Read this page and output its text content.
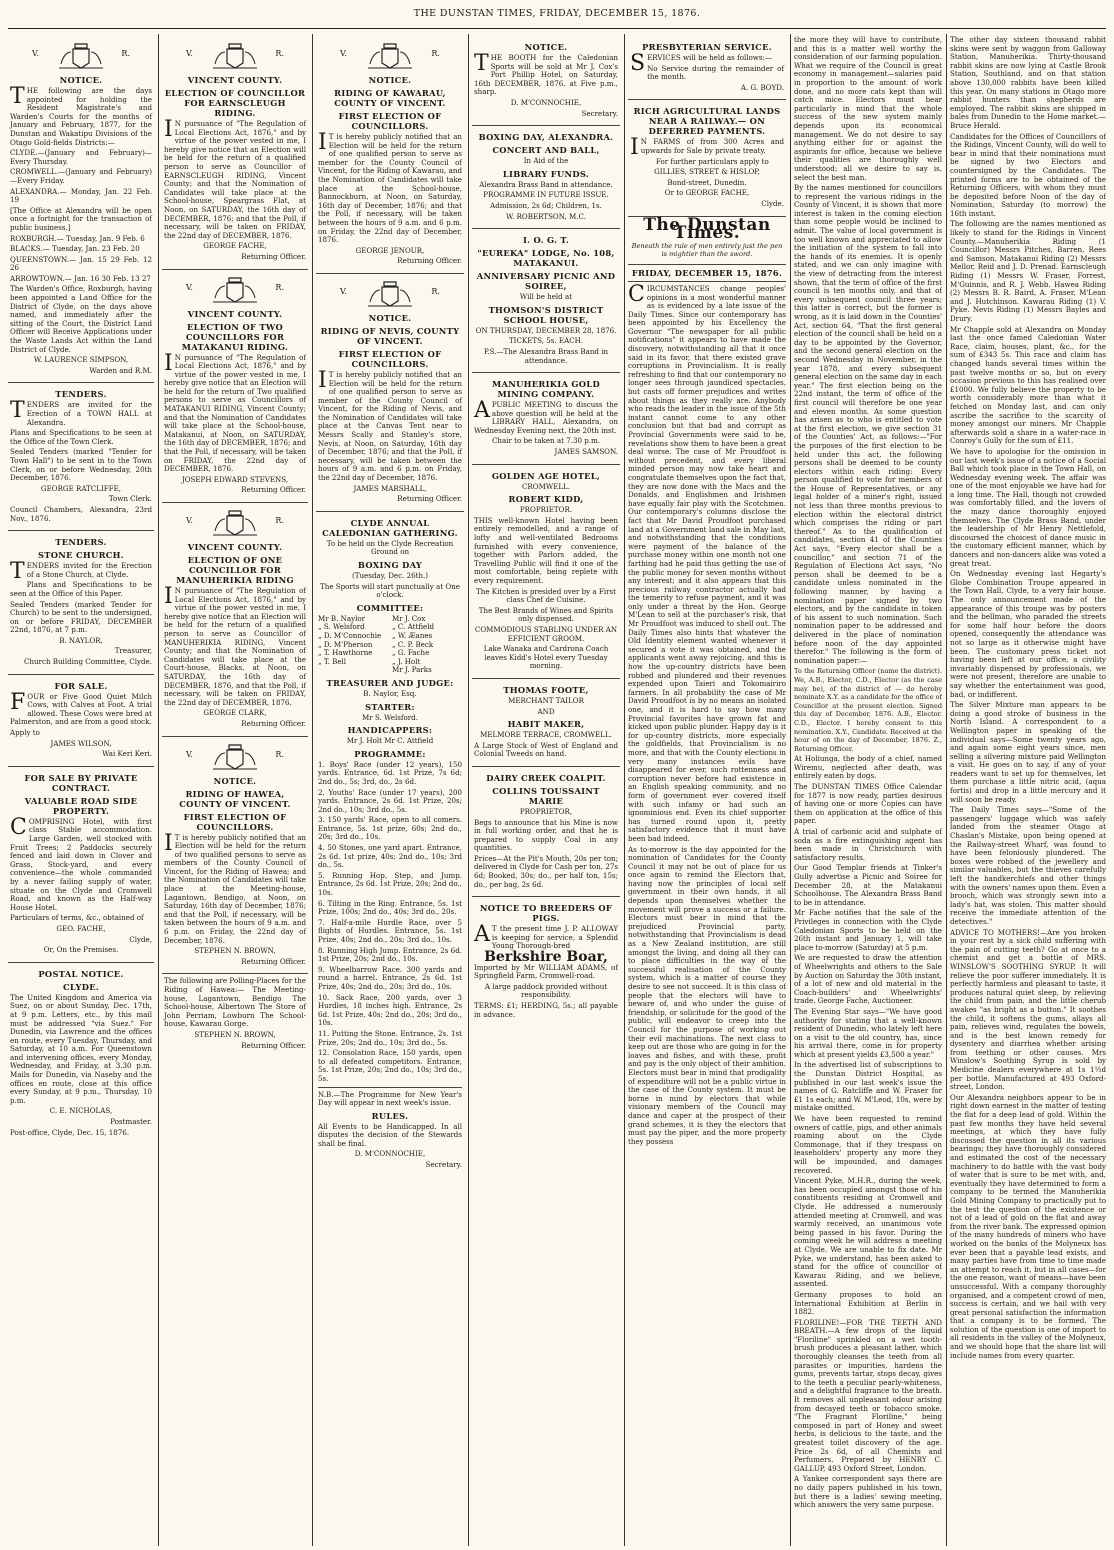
THE DUNSTAN TIMES, FRIDAY, DECEMBER 15, 1876.
V.	R.
NOTICE.

THE following are the days appointed for holding the Resident Magistrate's and Warden's Courts for the months of January and February, 1877, for the Dunstan and Wakatipu Divisions of the Otago Gold-fields Districts:—

CLYDE.—(January and February)—Every Thursday.

CROMWELL.—(January and February)—Every Friday.

ALEXANDRA.— Monday, Jan. 22 Feb. 19

[The Office at Alexandra will be open once a fortnight for the transaction of public business.]

ROXBURGH.— Tuesday, Jan. 9 Feb. 6

BLACKS.— Tuesday, Jan. 23 Feb. 20

QUEENSTOWN.— Jan. 15 29 Feb. 12 26

ARROWTOWN.— Jan. 16 30 Feb. 13 27

The Warden's Office, Roxburgh, having been appointed a Land Office for the District of Clyde, on the days above named, and immediately after the sitting of the Court, the District Land Officer will Receive Applications under the Waste Lands Act within the Land District of Clyde.

W. LAURENCE SIMPSON,

Warden and R.M.

TENDERS.

TENDERS are invited for the Erection of a TOWN HALL at Alexandra.

Plans and Specifications to be seen at the Office of the Town Clerk.

Sealed Tenders (marked "Tender for Town Hall") to be sent in to the Town Clerk, on or before Wednesday, 20th December, 1876.

GEORGE RATCLIFFE,

Town Clerk.

Council Chambers, Alexandra, 23rd Nov., 1876.

TENDERS.
STONE CHURCH.

TENDERS invited for the Erection of a Stone Church, at Clyde.

Plans and Specifications to be seen at the Office of this Paper.

Sealed Tenders (marked Tender for Church) to be sent to the undersigned, on or before FRIDAY, DECEMBER 22nd, 1876, at 7 p.m.

B. NAYLOR,

Treasurer,

Church Building Committee, Clyde.

FOR SALE.

FOUR or Five Good Quiet Milch Cows, with Calves at Foot. A trial allowed. These Cows were bred at Palmerston, and are from a good stock.

Apply to

JAMES WILSON,

Wai Keri Keri.

FOR SALE BY PRIVATE CONTRACT.
VALUABLE ROAD SIDE PROPERTY.

COMPRISING Hotel, with first class Stable accommodation. Large Garden, well stocked with Fruit Trees; 2 Paddocks securely fenced and laid down in Clover and Grass, Stock-yard, and every convenience—the whole commanded by a never failing supply of water, situate on the Clyde and Cromwell Road, and known as the Half-way House Hotel.

Particulars of terms, &c., obtained of

GEO. FACHE,

Clyde,

Or, On the Premises.

POSTAL NOTICE.
CLYDE.

The United Kingdom and America via Suez, on or about Sunday, Dec. 17th, at 9 p.m. Letters, etc., by this mail must be addressed "via Suez." For Dunedin, via Lawrence and the offices en route, every Tuesday, Thursday, and Saturday, at 10 a.m. For Queenstown and intervening offices, every Monday, Wednesday, and Friday, at 3.30 p.m. Mails for Dunedin, via Naseby and the offices en route, close at this office every Sunday, at 9 p.m., Thursday, 10 p.m.

C. E. NICHOLAS,

Postmaster.

Post-office, Clyde, Dec. 15, 1876.

V.	R.
VINCENT COUNTY.
ELECTION OF COUNCILLOR FOR EARNSCLEUGH RIDING.

IN pursuance of "The Regulation of Local Elections Act, 1876," and by virtue of the power vested in me, I hereby give notice that an Election will be held for the return of a qualified person to serve as Councillor of EARNSCLEUGH RIDING, Vincent County; and that the Nomination of Candidates will take place at the School-house, Speargrass Flat, at Noon, on SATURDAY, the 16th day of DECEMBER, 1876; and that the Poll, if necessary, will be taken on FRIDAY, the 22nd day of DECEMBER, 1876.

GEORGE FACHE,

Returning Officer.

V.	R.
VINCENT COUNTY.
ELECTION OF TWO COUNCILLORS FOR MATAKANUI RIDING.

IN pursuance of "The Regulation of Local Elections Act, 1876," and by virtue of the power vested in me, I hereby give notice that an Election will be held for the return of Two qualified persons to serve as Councillors of MATAKANUI RIDING, Vincent County; and that the Nomination of Candidates will take place at the School-house, Matakanui, at Noon, on SATURDAY, the 16th day of DECEMBER, 1876; and that the Poll, if necessary, will be taken on FRIDAY, the 22nd day of DECEMBER, 1876.

JOSEPH EDWARD STEVENS,

Returning Officer.

V.	R.
VINCENT COUNTY.
ELECTION OF ONE COUNCILLOR FOR MANUHERIKIA RIDING

IN pursuance of "The Regulation of Local Elections Act, 1876," and by virtue of the power vested in me, I hereby give notice that an Election will be held for the return of a qualified person to serve as Councillor of MANUHERIKIA RIDING, Vincent County; and that the Nomination of Candidates will take place at the Court-house, Blacks, at Noon, on SATURDAY, the 16th day of DECEMBER, 1876, and that the Poll, if necessary, will be taken on FRIDAY, the 22nd day of DECEMBER, 1876.

GEORGE CLARK,

Returning Officer.

V.	R.
NOTICE.
RIDING OF HAWEA, COUNTY OF VINCENT.
FIRST ELECTION OF COUNCILLORS.

IT is hereby publicly notified that an Election will be held for the return of two qualified persons to serve as members of the County Council of Vincent, for the Riding of Hawea; and the Nomination of Candidates will take place at the Meeting-house, Lagantown, Bendigo, at Noon, on Saturday, 16th day of December, 1876; and that the Poll, if necessary, will be taken between the hours of 9 a.m. and 6 p.m. on Friday, the 22nd day of December, 1876.

STEPHEN N. BROWN,

Returning Officer.

The following are Polling-Places for the Riding of Hawea:— The Meeting-house, Lagantown, Bendigo The School-house, Albertown The Store of John Perriam, Lowburn The School-house, Kawarau Gorge.

STEPHEN N. BROWN,

Returning Officer.

V.	R.
NOTICE.
RIDING OF KAWARAU, COUNTY OF VINCENT.
FIRST ELECTION OF COUNCILLORS.

IT is hereby publicly notified that an Election will be held for the return of one qualified person to serve as member for the County Council of Vincent, for the Riding of Kawarau, and the Nomination of Candidates will take place at the School-house, Bannockburn, at Noon, on Saturday, 16th day of December, 1876; and that the Poll, if necessary, will be taken between the hours of 9 a.m. and 6 p.m. on Friday, the 22nd day of December, 1876.

GEORGE JENOUR,

Returning Officer.

V.	R.
NOTICE.
RIDING OF NEVIS, COUNTY OF VINCENT.
FIRST ELECTION OF COUNCILLORS.

IT is hereby publicly notified that an Election will be held for the return of one qualified person to serve as member of the County Council of Vincent, for the Riding of Nevis, and the Nomination of Candidates will take place at the Canvas Tent near to Messrs Scally and Stanley's store, Nevis, at Noon, on Saturday, 16th day of December, 1876; and that the Poll, if necessary, will be taken between the hours of 9 a.m. and 6 p.m. on Friday, the 22nd day of December, 1876.

JAMES MARSHALL,

Returning Officer.

CLYDE ANNUAL CALEDONIAN GATHERING.

To be held on the Clyde Recreation Ground on

BOXING DAY

(Tuesday, Dec. 26th.)

The Sports will start punctually at One o'clock.

COMMITTEE:
Mr B. Naylor	Mr J. Cox
„ S. Welsford	„ C. Attfield
„ D. M'Connochie	„ W. Æanes
„ D. M'Pherson	„ C. P. Beck
„ T. Hawthorne	„ G. Fache
„ T. Bell	„ J. Holt
Mr J. Parks
TREASURER AND JUDGE:

B. Naylor, Esq.

STARTER:

Mr S. Welsford.

HANDICAPPERS:

Mr J. Holt Mr C. Attfield

PROGRAMME:

1. Boys' Race (under 12 years), 150 yards. Entrance, 6d. 1st Prize, 7s 6d; 2nd do., 5s; 3rd, do., 2s 6d.

2. Youths' Race (under 17 years), 200 yards. Entrance, 2s 6d. 1st Prize, 20s; 2nd do., 10s; 3rd do., 5s.

3. 150 yards' Race, open to all comers. Entrance, 5s. 1st prize, 60s; 2nd do., 20s; 3rd do., 10s.

4. 50 Stones, one yard apart. Entrance, 2s 6d. 1st prize, 40s; 2nd do., 10s; 3rd do., 5s.

5. Running Hop, Step, and Jump. Entrance, 2s 6d. 1st Prize, 20s; 2nd do., 10s.

6. Tilting in the Ring. Entrance, 5s. 1st Prize, 100s; 2nd do., 40s; 3rd do., 20s.

7. Half-a-mile Hurdle Race, over 5 flights of Hurdles. Entrance, 5s. 1st Prize, 40s; 2nd do., 20s; 3rd do., 10s.

8. Running High Jump. Entrance, 2s 6d. 1st Prize, 20s; 2nd do., 10s.

9. Wheelbarrow Race. 300 yards and round a barrel. Entrance, 2s 6d. 1st Prize, 40s; 2nd do., 20s; 3rd do., 10s.

10. Sack Race, 200 yards, over 3 Hurdles, 18 inches high. Entrance, 2s 6d. 1st Prize, 40s; 2nd do., 20s; 3rd do., 10s.

11. Putting the Stone. Entrance, 2s. 1st Prize, 20s; 2nd do., 10s; 3rd do., 5s.

12. Consolation Race, 150 yards, open to all defeated competitors. Entrance, 5s. 1st Prize, 20s; 2nd do., 10s; 3rd do., 5s.

N.B.—The Programme for New Year's Day will appear in next week's issue.

RULES.

All Events to be Handicapped. In all disputes the decision of the Stewards shall be final.

D. M'CONNOCHIE,

Secretary.

NOTICE.

THE BOOTH for the Caledonian Sports will be sold at Mr J. Cox's Port Phillip Hotel, on Saturday, 16th DECEMBER, 1876, at Five p.m., sharp.

D. M'CONNOCHIE,

Secretary.

BOXING DAY, ALEXANDRA.
CONCERT AND BALL,

In Aid of the

LIBRARY FUNDS.

Alexandra Brass Band in attendance.

PROGRAMME IN FUTURE ISSUE.

Admission, 2s 6d; Children, 1s.

W. ROBERTSON, M.C.

I. O. G. T.
"EUREKA" LODGE, No. 108, MATAKANUI.
ANNIVERSARY PICNIC AND SOIREE,

Will be held at

THOMSON'S DISTRICT SCHOOL HOUSE,

ON THURSDAY, DECEMBER 28, 1876.

TICKETS, 5s. EACH.

P.S.—The Alexandra Brass Band in attendance.

MANUHERIKIA GOLD MINING COMPANY.

APUBLIC MEETING to discuss the above question will be held at the LIBRARY HALL, Alexandra, on Wednesday Evening next, the 20th inst.

Chair to be taken at 7.30 p.m.

JAMES SAMSON.

GOLDEN AGE HOTEL,

CROMWELL.

ROBERT KIDD,

PROPRIETOR.

THIS well-known Hotel having been entirely remodelled, and a range of lofty and well-ventilated Bedrooms furnished with every convenience, together with Parlors added, the Travelling Public will find it one of the most comfortable, being replete with every requirement.

The Kitchen is presided over by a First class Chef de Cuisine.

The Best Brands of Wines and Spirits only dispensed.

COMMODIOUS STABLING UNDER AN EFFICIENT GROOM.

Lake Wanaka and Cardrona Coach leaves Kidd's Hotel every Tuesday morning.

THOMAS FOOTE,

MERCHANT TAILOR

AND

HABIT MAKER,

MELMORE TERRACE, CROMWELL.

A Large Stock of West of England and Colonial Tweeds on hand.

DAIRY CREEK COALPIT.
COLLINS TOUSSAINT MARIE

PROPRIETOR,

Begs to announce that his Mine is now in full working order, and that he is prepared to supply Coal in any quantities.

Prices—At the Pit's Mouth, 20s per ton; delivered in Clyde for Cash per ton, 27s 6d; Booked, 30s; do., per half ton, 15s; do., per bag, 2s 6d.

NOTICE TO BREEDERS OF PIGS.

AT the present time J. P. ALLOWAY is keeping for service, a Splendid Young Thorough-bred

Berkshire Boar,

Imported by Mr WILLIAM ADAMS, of Springfield Farm, Cromwell-road.

A large paddock provided without responsibility.

TERMS: £1; HERDING, 5s.; all payable in advance.

PRESBYTERIAN SERVICE.

SERVICES will be held as follows:—

No Service during the remainder of the month.

A. G. BOYD.

RICH AGRICULTURAL LANDS NEAR A RAILWAY.— ON DEFERRED PAYMENTS.

IN FARMS of from 300 Acres and upwards for Sale by private treaty.

For further particulars apply to

GILLIES, STREET & HISLOP,

Bond-street, Dunedin.

Or to GEORGE FACHE,

Clyde.

The Dunstan Times.

Beneath the rule of men entirely just the pen is mightier than the sword.

FRIDAY, DECEMBER 15, 1876.

CIRCUMSTANCES change peoples' opinions in a most wonderful manner as is evidenced by a late issue of the Daily Times. Since our contemporary has been appointed by his Excellency the Governor "The newspaper for all public notifications" it appears to have made the discovery, notwithstanding all that it once said in its favor, that there existed grave corruptions in Provincialism. It is really refreshing to find that our contemporary no longer sees through jaundiced spectacles, but casts off former prejudices and writes about things as they really are. Anybody who reads the leader in the issue of the 5th instant cannot come to any other conclusion but that bad and corrupt as Provincial Governments were said to be, revelations show them to have been a great deal worse. The case of Mr Proudfoot is without precedent, and every liberal minded person may now take heart and congratulate themselves upon the fact that, they are now done with the Macs and the Donalds, and Englishmen and Irishmen have equally fair play with the Scotchmen. Our contemporary's columns disclose the fact that Mr David Proudfoot purchased land at a Government land sale in May last, and notwithstanding that the conditions were payment of the balance of the purchase money within one month not one farthing had he paid thus getting the use of the public money for seven months without any interest; and it also appears that this precious railway contractor actually had the temerity to refuse payment, and it was only under a threat by the Hon. George M'Lean to sell at the purchaser's risk, that Mr Proudfoot was induced to shell out. The Daily Times also hints that whatever the Old Identity element wanted whenever it secured a vote it was obtained, and the applicants went away rejoicing, and this is how the up-country districts have been robbed and plundered and their revenues expended upon Taieri and Tokomairiro farmers. In all probability the case of Mr David Proudfoot is by no means an isolated one, and it is hard to say how many Provincial favorites have grown fat and kicked upon public plunder. Happy day is it for up-country districts, more especially the goldfields, that Provincialism is no more, and that with the County elections in very many instances evils have disappeared for ever, such rottenness and corruption never before had existence in an English speaking community, and no form of government ever covered itself with such infamy or had such an ignominious end. Even its chief supporter has turned round upon it, pretty satisfactory evidence that it must have been bad indeed.

As to-morrow is the day appointed for the nomination of Candidates for the County Council it may not be out of place for us once again to remind the Electors that, having now the principles of local self government in their own hands, it all depends upon themselves whether the movement will prove a success or a failure. Electors must bear in mind that the prejudiced Provincial party, notwithstanding that Provincialism is dead as a New Zealand institution, are still amongst the living, and doing all they can to place difficulties in the way of the successful realisation of the County system, which is a matter of course they desire to see not succeed. It is this class of people that the electors will have to beware of, and who under the guise of friendship, or solicitude for the good of the public, will endeavor to creep into the Council for the purpose of working out their evil machinations. The next class to keep out are those who are going in for the loaves and fishes, and with these, profit and pay is the only object of their ambition. Electors must bear in mind that prodigality of expenditure will not be a public virtue in the case of the County system. It must be borne in mind by electors that while visionary members of the Council may dance and caper at the prospect of their grand schemes, it is they the electors that must pay the piper, and the more property they possess

the more they will have to contribute, and this is a matter well worthy the consideration of our farming population. What we require of the Council is great economy in management—salaries paid in proportion to the amount of work done, and no more cats kept than will catch mice. Electors must bear particularly in mind that the whole success of the new system mainly depends upon its economical management. We do not desire to say anything either for or against the aspirants for office, because we believe their qualities are thoroughly well understood; all we desire to say is, select the best man.

By the names mentioned for councillors to represent the various ridings in the County of Vincent, it is shown that more interest is taken in the coming election than some people would be inclined to admit. The value of local government is too well known and appreciated to allow the initiation of the system to fall into the hands of its enemies. It is openly stated, and we can only imagine with the view of detracting from the interest shown, that the term of office of the first council is ten months only, and that of every subsequent council three years; this latter is correct, but the former is wrong, as it is laid down in the Counties' Act, section 64, "That the first general election of the council shall be held on a day to be appointed by the Governor, and the second general election on the second Wednesday in November, in the year 1878, and every subsequent general election on the same day in each year." The first election being on the 22nd instant, the term of office of the first council will therefore be one year and eleven months. As some question has arisen as to who is entitled to vote at the first election, we give section 31 of the Counties' Act, as follows:—"For the purposes of the first election to be held under this act, the following persons shall be deemed to be county electors within each riding: Every person qualified to vote for members of the House of Representatives, or any legal holder of a miner's right, issued not less than three months previous to election within the electoral district which comprises the riding or part thereof." As to the qualification of candidates, section 41 of the Counties Act says, "Every elector shall be a councillor," and section 71 of the Regulation of Elections Act says, "No person shall be deemed to be a candidate unless nominated in the following manner, by having a nomination paper signed by two electors, and by the candidate in token of his assent to such nomination. Such nomination paper to be addressed and delivered in the place of nomination before noon of the day appointed therefor." The following is the form of nomination paper:—

To the Returning Officer (name the district). We, A.B., Elector, C.D., Elector (as the case may be), of the district of — do hereby nominate X.Y. as a candidate for the office of Councillor at the present election. Signed this day of December, 1876. A.B., Elector. C.D., Elector. I hereby consent to this nomination. X.Y., Candidate. Received at the hour of on the day of December, 1876. Z., Returning Officer.

At Holiunga, the body of a chief, named Wiremu, neglected after death, was entirely eaten by dogs.

The DUNSTAN TIMES Office Calendar for 1877 is now ready, parties desirous of having one or more Copies can have them on application at the office of this paper.

A trial of carbonic acid and sulphate of soda as a fire extinguishing agent has been made in Christchurch with satisfactory results.

Our Good Templar friends at Tinker's Gully advertise a Picnic and Soiree for December 28, at the Matakanui Schoolhouse. The Alexandra Brass Band to be in attendance.

Mr Fache notifies that the sale of the Privileges in connection with the Clyde Caledonian Sports to be held on the 26th instant and January 1, will take place to-morrow (Saturday) at 5 p.m.

We are requested to draw the attention of Wheelwrights and others to the Sale by Auction on Saturday the 30th instant, of a lot of new and old material in the Coach-builders' and Wheelwrights' trade. George Fache, Auctioneer.

The Evening Star says—"We have good authority for stating that a well-known resident of Dunedin, who lately left here on a visit to the old country, has, since his arrival there, come in for property which at present yields £3,500 a year."

In the advertised list of subscriptions to the Dunstan District Hospital, as published in our last week's issue the names of G. Ratcliffe and W. Fraser for £1 1s each; and W. M'Leod, 10s, were by mistake omitted.

We have been requested to remind owners of cattle, pigs, and other animals roaming about on the Clyde Commonage, that if they trespass on leaseholders' property any more they will be impounded, and damages recovered.

Vincent Pyke, M.H.R., during the week, has been occupied amongst those of his constituents residing at Cromwell and Clyde. He addressed a numerously attended meeting at Cromwell, and was warmly received, an unanimous vote being passed in his favor. During the coming week he will address a meeting at Clyde. We are unable to fix date. Mr Pyke, we understand, has been asked to stand for the office of councillor of Kawarau Riding, and we believe, assented.

Germany proposes to hold an International Exhibition at Berlin in 1882.

FLORILINE!—FOR THE TEETH AND BREATH.—A few drops of the liquid "Floriline" sprinkled on a wet tooth-brush produces a pleasant lather, which thoroughly cleanses the teeth from all parasites or impurities, hardens the gums, prevents tartar, stops decay, gives to the teeth a peculiar pearly-whiteness, and a delightful fragrance to the breath. It removes all unpleasant odour arising from decayed teeth or tobacco smoke. "The Fragrant Floriline," being composed in part of Honey and sweet herbs, is delicious to the taste, and the greatest toilet discovery of the age. Price 2s 6d, of all Chemists and Perfumers. Prepared by HENRY C. GALLUP, 493 Oxford Street, London.

A Yankee correspondent says there are no daily papers published in his town, but there is a ladies' sewing meeting, which answers the very same purpose.

The other day sixteen thousand rabbit skins were sent by waggon from Galloway Station, Manuherikia. Thirty-thousand rabbit skins are now lying at Castle Brook Station, Southland, and on that station above 130,000 rabbits have been killed this year. On many stations in Otago more rabbit hunters than shepherds are employed. The rabbit skins are shipped in bales from Dunedin to the Home market.—Bruce Herald.

Candidates for the Offices of Councillors of the Ridings, Vincent County, will do well to bear in mind that their nominations must be signed by two Electors and countersigned by the Candidates. The printed forms are to be obtained of the Returning Officers, with whom they must be deposited before Noon of the day of Nomination, Saturday (to morrow) the 16th instant.

The following are the names mentioned as likely to stand for the Ridings in Vincent County.—Manuherikia Riding (1 Councillor) Messrs Pitches, Barren, Rees and Samson. Matakanui Riding (2) Messrs Mellor, Reid and J. D. Prenad. Earnscleugh Riding (1) Messrs W. Fraser, Forrest, M'Guinnis, and R. J. Webb. Hawea Riding (2) Messrs B. R. Baird, A. Fraser, M'Lean and J. Hutchinson. Kawarau Riding (1) V. Pyke. Nevis Riding (1) Messrs Bayles and Drury.

Mr Chapple sold at Alexandra on Monday last the once famed Caledonian Water Race, claim, houses, plant, &c., for the sum of £343 5s. This race and claim has changed hands several times within the past twelve months or so, but on every occasion previous to this has realised over £1000. We fully believe the property to be worth considerably more than what it fetched on Monday last, and can only ascribe the sacrifice to the scarcity of money amongst our miners. Mr Chapple afterwards sold a share in a water-race in Conroy's Gully for the sum of £11.

We have to apologise for the omission in our last week's issue of a notice of a Social Ball which took place in the Town Hall, on Wednesday evening week. The affair was one of the most enjoyable we have had for a long time. The Hall, though not crowded was comfortably filled, and the lovers of the mazy dance thoroughly enjoyed themselves. The Clyde Brass Band, under the leadership of Mr Henry Nettlefold, discoursed the choicest of dance music in the customary efficient manner, which by dancers and non-dancers alike was voted a great treat.

On Wednesday evening last Hegarty's Globe Combination Troupe appeared in the Town Hall, Clyde, to a very fair house. The only announcement made of the appearance of this troupe was by posters and the bellman, who paraded the streets for some half hour before the doors opened, consequently the attendance was not so large as it otherwise might have been. The customary press ticket not having been left at our office, a civility invariably dispensed by professionals, we were not present, therefore are unable to say whether the entertainment was good, bad, or indifferent.

The Silver Mixture man appears to be doing a good stroke of business in the North Island. A correspondent to a Wellington paper in speaking of the individual says—Some twenty years ago, and again some eight years since, men selling a silvering mixture paid Wellington a visit. He goes on to say, if any of your readers want to set up for themselves, let them purchase a little nitric acid, (aqua fortis) and drop in a little mercury and it will soon be ready.

The Daily Times says—"Some of the passengers' luggage which was safely landed from the steamer Otago at Chaslan's Mistake, upon being opened at the Railway-street Wharf, was found to have been feloniously plundered. The boxes were robbed of the jewellery and similar valuables, but the thieves carefully left the handkerchiefs and other things with the owners' names upon them. Even a brooch, which was strongly sewn into a lady's hat, was stolen. This matter should receive the immediate attention of the detectives."

ADVICE TO MOTHERS!—Are you broken in your rest by a sick child suffering with the pain of cutting teeth? Go at once to a chemist and get a bottle of MRS. WINSLOW'S SOOTHING SYRUP. It will relieve the poor sufferer immediately. It is perfectly harmless and pleasant to taste, it produces natural quiet sleep, by relieving the child from pain, and the little cherub awakes "as bright as a button." It soothes the child, it softens the gums, allays all pain, relieves wind, regulates the bowels, and is the best known remedy for dysentery and diarrhea whether arising from teething or other causes. Mrs Winslow's Soothing Syrup is sold by Medicine dealers everywhere at 1s 1½d per bottle. Manufactured at 493 Oxford-street, London.

Our Alexandra neighbors appear to be in right down earnest in the matter of testing the flat for a deep lead of gold. Within the past few months they have held several meetings, at which they have fully discussed the question in all its various bearings; they have thoroughly considered and estimated the cost of the necessary machinery to do battle with the vast body of water that is sure to be met with, and, eventually they have determined to form a company to be termed the Manuherikia Gold Mining Company to practically put to the test the question of the existence or not of a lead of gold on the flat and away from the river bank. The expressed opinion of the many hundreds of miners who have worked on the banks of the Molyneux has ever been that a payable lead exists, and many parties have from time to time made an attempt to reach it, but in all cases—for the one reason, want of means—have been unsuccessful. With a company thoroughly organised, and a competent crowd of men, success is certain, and we hail with very great personal satisfaction the information that a company is to be formed. The solution of the question is one of import to all residents in the valley of the Molyneux, and we should hope that the share list will include names from every quarter.
